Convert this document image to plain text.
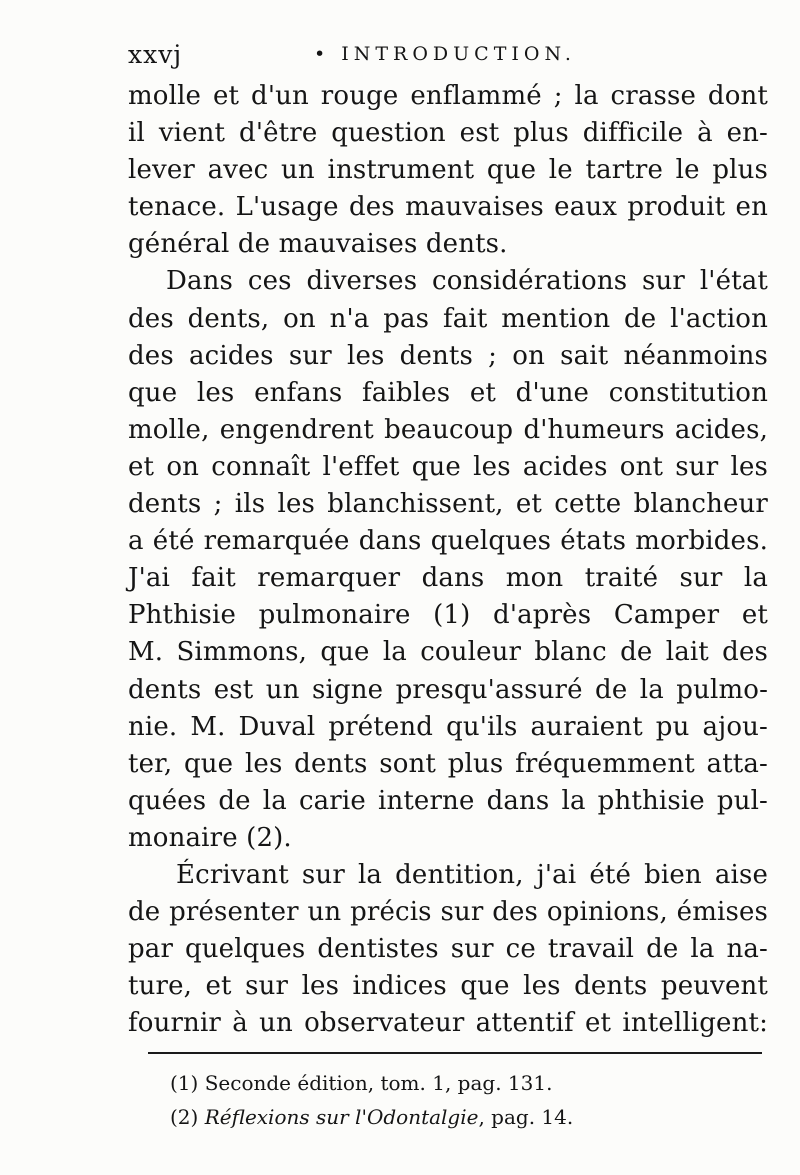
xxvj	• INTRODUCTION.
molle et d'un rouge enflammé ; la crasse dont
il vient d'être question est plus difficile à en-
lever avec un instrument que le tartre le plus
tenace. L'usage des mauvaises eaux produit en
général de mauvaises dents.
Dans ces diverses considérations sur l'état
des dents, on n'a pas fait mention de l'action
des acides sur les dents ; on sait néanmoins
que les enfans faibles et d'une constitution
molle, engendrent beaucoup d'humeurs acides,
et on connaît l'effet que les acides ont sur les
dents ; ils les blanchissent, et cette blancheur
a été remarquée dans quelques états morbides.
J'ai fait remarquer dans mon traité sur la
Phthisie pulmonaire (1) d'après Camper et
M. Simmons, que la couleur blanc de lait des
dents est un signe presqu'assuré de la pulmo-
nie. M. Duval prétend qu'ils auraient pu ajou-
ter, que les dents sont plus fréquemment atta-
quées de la carie interne dans la phthisie pul-
monaire (2).
Écrivant sur la dentition, j'ai été bien aise
de présenter un précis sur des opinions, émises
par quelques dentistes sur ce travail de la na-
ture, et sur les indices que les dents peuvent
fournir à un observateur attentif et intelligent:
(1) Seconde édition, tom. 1, pag. 131.
(2) Réflexions sur l'Odontalgie, pag. 14.
